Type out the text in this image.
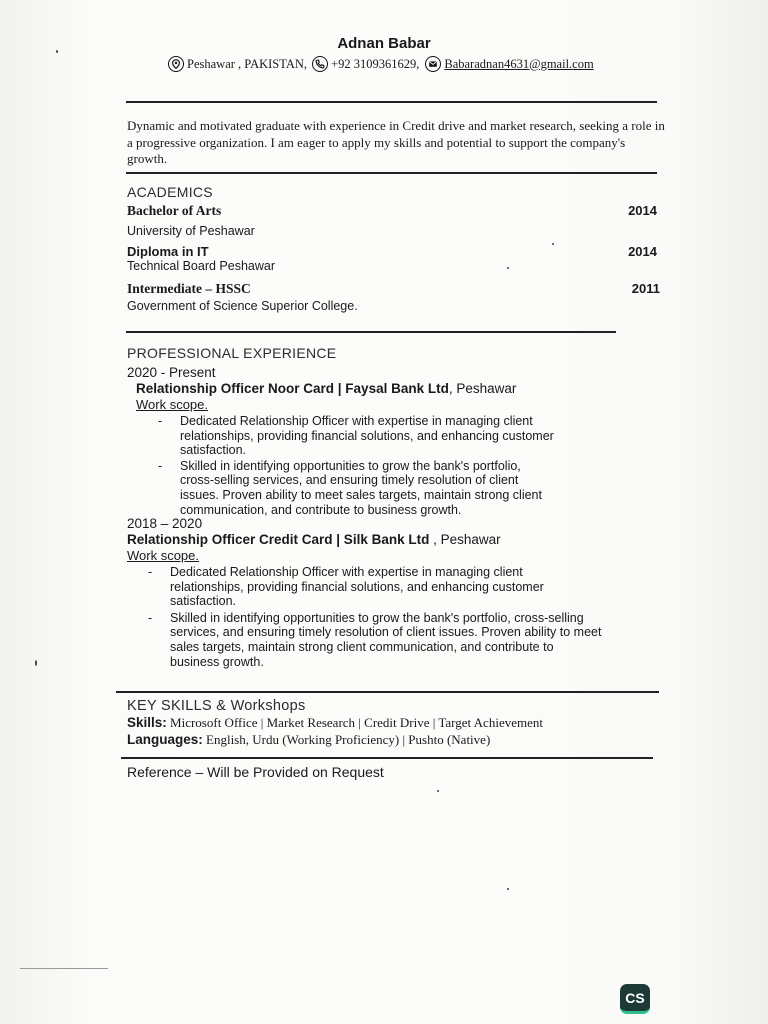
Adnan Babar
Peshawar , PAKISTAN, +92 3109361629, Babaradnan4631@gmail.com
Dynamic and motivated graduate with experience in Credit drive and market research, seeking a role in a progressive organization. I am eager to apply my skills and potential to support the company's growth.
ACADEMICS
Bachelor of Arts	2014
University of Peshawar
Diploma in IT	2014
Technical Board Peshawar
Intermediate – HSSC	2011
Government of Science Superior College.
PROFESSIONAL EXPERIENCE
2020 - Present
Relationship Officer Noor Card | Faysal Bank Ltd, Peshawar
Work scope.
- Dedicated Relationship Officer with expertise in managing client relationships, providing financial solutions, and enhancing customer satisfaction.
- Skilled in identifying opportunities to grow the bank's portfolio, cross-selling services, and ensuring timely resolution of client issues. Proven ability to meet sales targets, maintain strong client communication, and contribute to business growth.
2018 – 2020
Relationship Officer Credit Card | Silk Bank Ltd , Peshawar
Work scope.
- Dedicated Relationship Officer with expertise in managing client relationships, providing financial solutions, and enhancing customer satisfaction.
- Skilled in identifying opportunities to grow the bank's portfolio, cross-selling services, and ensuring timely resolution of client issues. Proven ability to meet sales targets, maintain strong client communication, and contribute to business growth.
KEY SKILLS & Workshops
Skills: Microsoft Office | Market Research | Credit Drive | Target Achievement
Languages: English, Urdu (Working Proficiency) | Pushto (Native)
Reference – Will be Provided on Request
CS
